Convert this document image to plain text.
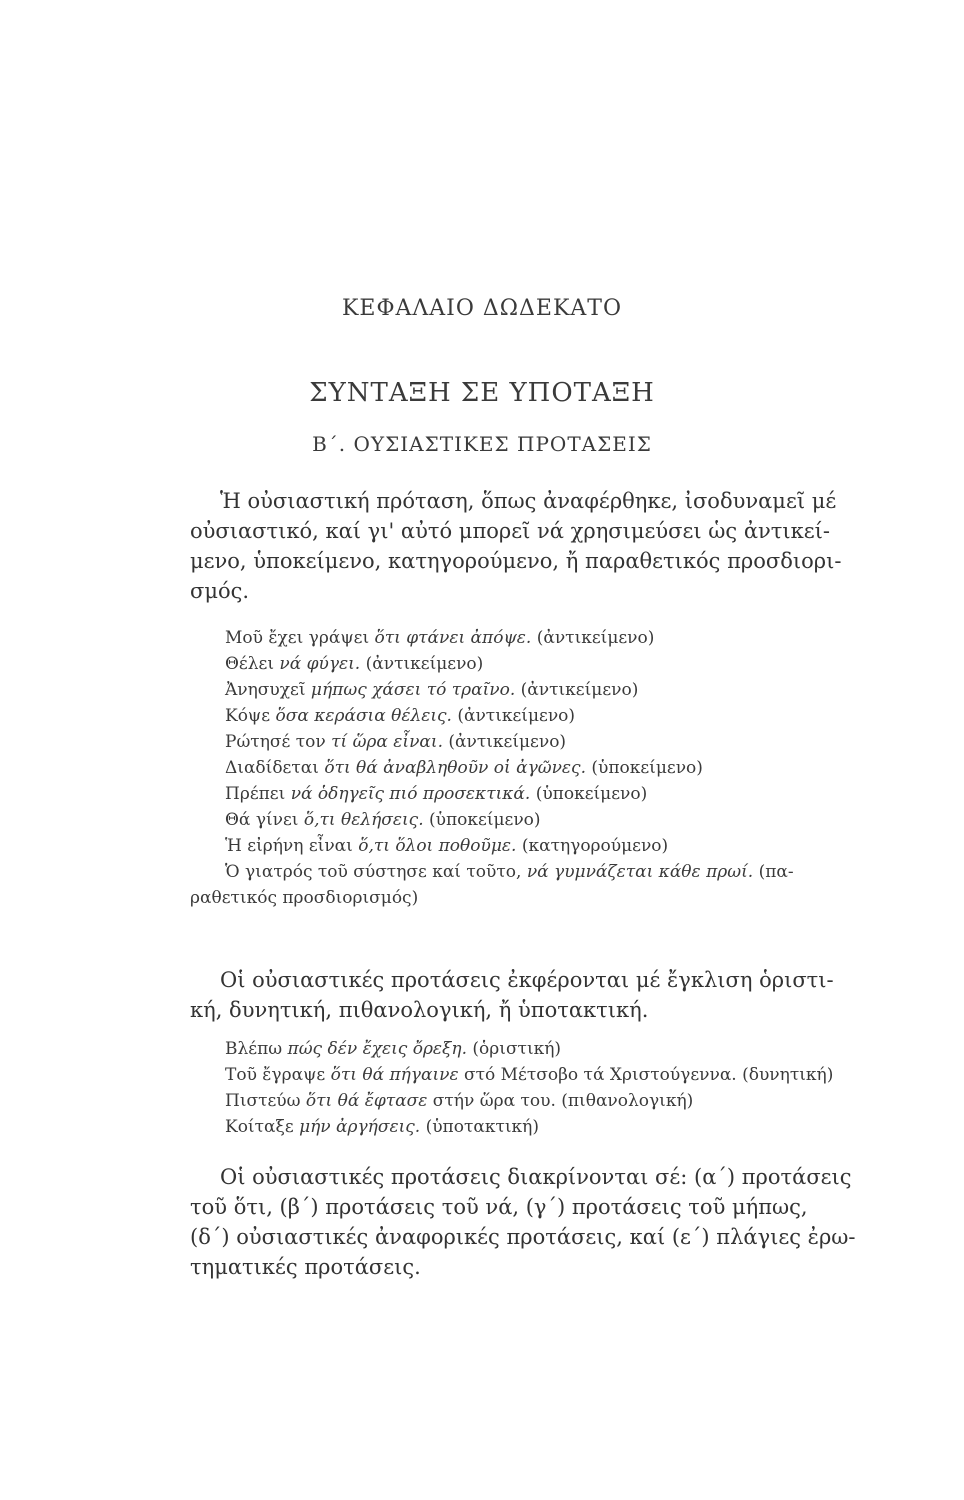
ΚΕΦΑΛΑΙΟ ΔΩΔΕΚΑΤΟ
ΣΥΝΤΑΞΗ ΣΕ ΥΠΟΤΑΞΗ
Β΄. ΟΥΣΙΑΣΤΙΚΕΣ ΠΡΟΤΑΣΕΙΣ
Ἡ οὐσιαστική πρόταση, ὅπως ἀναφέρθηκε, ἰσοδυναμεῖ μέ
οὐσιαστικό, καί γι' αὐτό μπορεῖ νά χρησιμεύσει ὡς ἀντικεί-
μενο, ὑποκείμενο, κατηγορούμενο, ἤ παραθετικός προσδιορι-
σμός.
Μοῦ ἔχει γράψει ὅτι φτάνει ἀπόψε. (ἀντικείμενο)
Θέλει νά φύγει. (ἀντικείμενο)
Ἀνησυχεῖ μήπως χάσει τό τραῖνο. (ἀντικείμενο)
Κόψε ὅσα κεράσια θέλεις. (ἀντικείμενο)
Ρώτησέ τον τί ὥρα εἶναι. (ἀντικείμενο)
Διαδίδεται ὅτι θά ἀναβληθοῦν οἱ ἀγῶνες. (ὑποκείμενο)
Πρέπει νά ὁδηγεῖς πιό προσεκτικά. (ὑποκείμενο)
Θά γίνει ὅ,τι θελήσεις. (ὑποκείμενο)
Ἡ εἰρήνη εἶναι ὅ,τι ὅλοι ποθοῦμε. (κατηγορούμενο)
Ὁ γιατρός τοῦ σύστησε καί τοῦτο, νά γυμνάζεται κάθε πρωί. (πα-
ραθετικός προσδιορισμός)
Οἱ οὐσιαστικές προτάσεις ἐκφέρονται μέ ἔγκλιση ὁριστι-
κή, δυνητική, πιθανολογική, ἤ ὑποτακτική.
Βλέπω πώς δέν ἔχεις ὄρεξη. (ὁριστική)
Τοῦ ἔγραψε ὅτι θά πήγαινε στό Μέτσοβο τά Χριστούγεννα. (δυνητική)
Πιστεύω ὅτι θά ἔφτασε στήν ὥρα του. (πιθανολογική)
Κοίταξε μήν ἀργήσεις. (ὑποτακτική)
Οἱ οὐσιαστικές προτάσεις διακρίνονται σέ: (α΄) προτάσεις
τοῦ ὅτι, (β΄) προτάσεις τοῦ νά, (γ΄) προτάσεις τοῦ μήπως,
(δ΄) οὐσιαστικές ἀναφορικές προτάσεις, καί (ε΄) πλάγιες ἐρω-
τηματικές προτάσεις.
